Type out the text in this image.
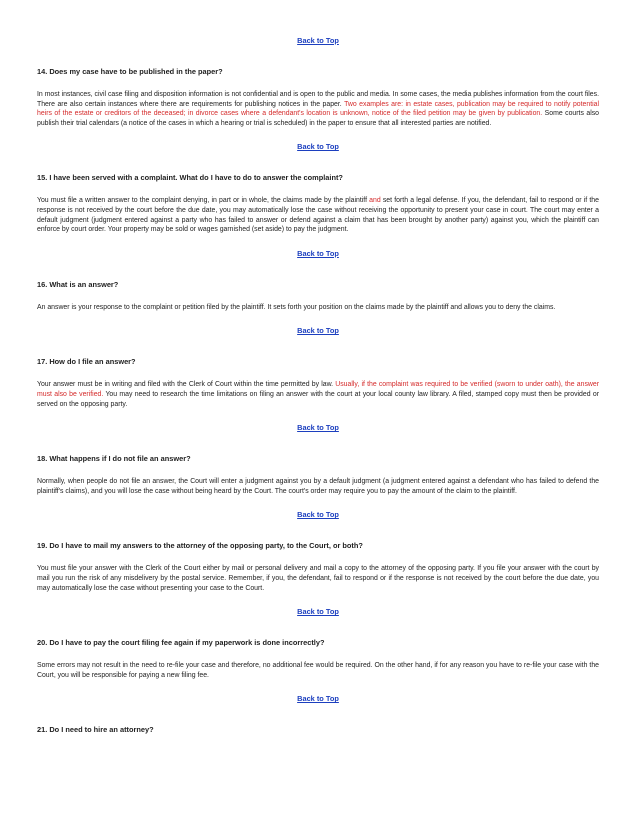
Back to Top

14. Does my case have to be published in the paper?

In most instances, civil case filing and disposition information is not confidential and is open to the public and media. In some cases, the media publishes information from the court files. There are also certain instances where there are requirements for publishing notices in the paper. Two examples are: in estate cases, publication may be required to notify potential heirs of the estate or creditors of the deceased; in divorce cases where a defendant's location is unknown, notice of the filed petition may be given by publication. Some courts also publish their trial calendars (a notice of the cases in which a hearing or trial is scheduled) in the paper to ensure that all interested parties are notified.

Back to Top

15. I have been served with a complaint. What do I have to do to answer the complaint?

You must file a written answer to the complaint denying, in part or in whole, the claims made by the plaintiff and set forth a legal defense. If you, the defendant, fail to respond or if the response is not received by the court before the due date, you may automatically lose the case without receiving the opportunity to present your case in court. The court may enter a default judgment (judgment entered against a party who has failed to answer or defend against a claim that has been brought by another party) against you, which the plaintiff can enforce by court order. Your property may be sold or wages garnished (set aside) to pay the judgment.

Back to Top

16. What is an answer?

An answer is your response to the complaint or petition filed by the plaintiff. It sets forth your position on the claims made by the plaintiff and allows you to deny the claims.

Back to Top

17. How do I file an answer?

Your answer must be in writing and filed with the Clerk of Court within the time permitted by law. Usually, if the complaint was required to be verified (sworn to under oath), the answer must also be verified. You may need to research the time limitations on filing an answer with the court at your local county law library. A filed, stamped copy must then be provided or served on the opposing party.

Back to Top

18. What happens if I do not file an answer?

Normally, when people do not file an answer, the Court will enter a judgment against you by a default judgment (a judgment entered against a defendant who has failed to defend the plaintiff's claims), and you will lose the case without being heard by the Court. The court's order may require you to pay the amount of the claim to the plaintiff.

Back to Top

19. Do I have to mail my answers to the attorney of the opposing party, to the Court, or both?

You must file your answer with the Clerk of the Court either by mail or personal delivery and mail a copy to the attorney of the opposing party. If you file your answer with the court by mail you run the risk of any misdelivery by the postal service. Remember, if you, the defendant, fail to respond or if the response is not received by the court before the due date, you may automatically lose the case without presenting your case to the Court.

Back to Top

20. Do I have to pay the court filing fee again if my paperwork is done incorrectly?

Some errors may not result in the need to re-file your case and therefore, no additional fee would be required. On the other hand, if for any reason you have to re-file your case with the Court, you will be responsible for paying a new filing fee.

Back to Top

21. Do I need to hire an attorney?
